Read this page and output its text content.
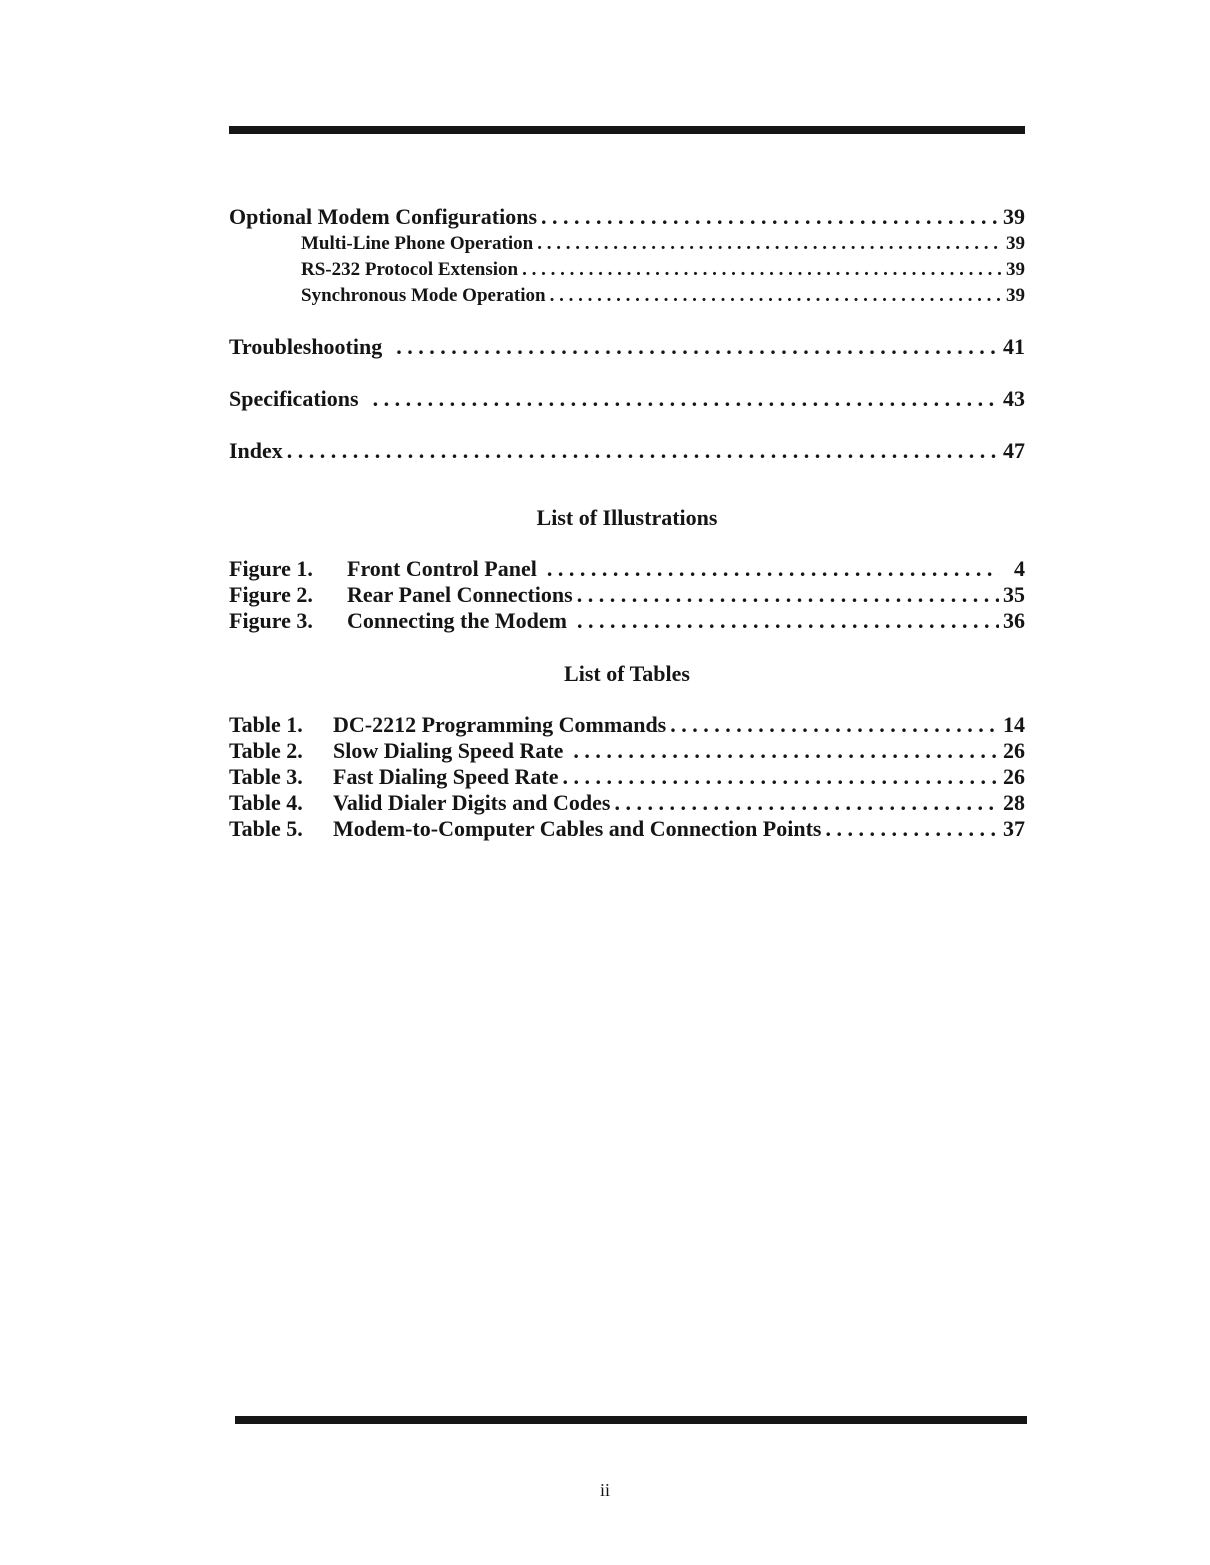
Optional Modem Configurations . . .	39
Multi-Line Phone Operation . . .	39
RS-232 Protocol Extension . . .	39
Synchronous Mode Operation . . .	39
Troubleshooting . . .	41
Specifications . . .	43
Index . . .	47
List of Illustrations
Figure 1.	Front Control Panel . . .	4
Figure 2.	Rear Panel Connections . . .	35
Figure 3.	Connecting the Modem . . .	36
List of Tables
Table 1.	DC-2212 Programming Commands . . .	14
Table 2.	Slow Dialing Speed Rate . . .	26
Table 3.	Fast Dialing Speed Rate . . .	26
Table 4.	Valid Dialer Digits and Codes . . .	28
Table 5.	Modem-to-Computer Cables and Connection Points . . .	37
ii
